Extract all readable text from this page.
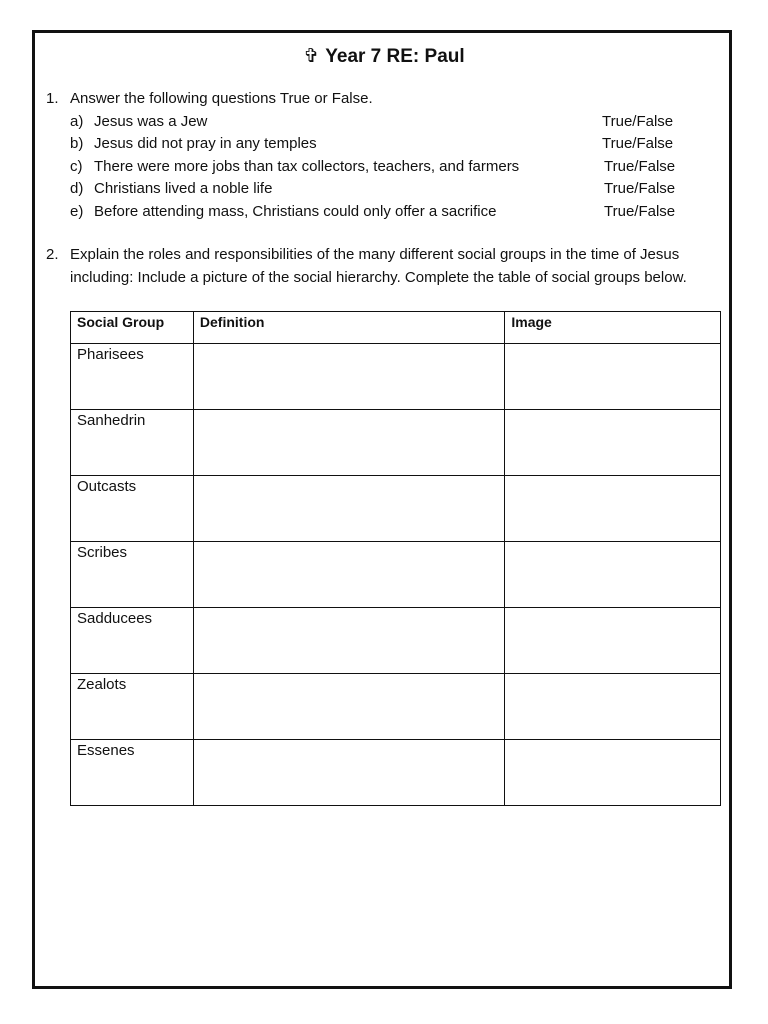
✞ Year 7 RE: Paul
1. Answer the following questions True or False.
a) Jesus was a Jew	True/False
b) Jesus did not pray in any temples	True/False
c) There were more jobs than tax collectors, teachers, and farmers	True/False
d) Christians lived a noble life	True/False
e) Before attending mass, Christians could only offer a sacrifice	True/False
2. Explain the roles and responsibilities of the many different social groups in the time of Jesus including: Include a picture of the social hierarchy. Complete the table of social groups below.
Social Group	Definition	Image
Pharisees		
Sanhedrin		
Outcasts		
Scribes		
Sadducees		
Zealots		
Essenes		
